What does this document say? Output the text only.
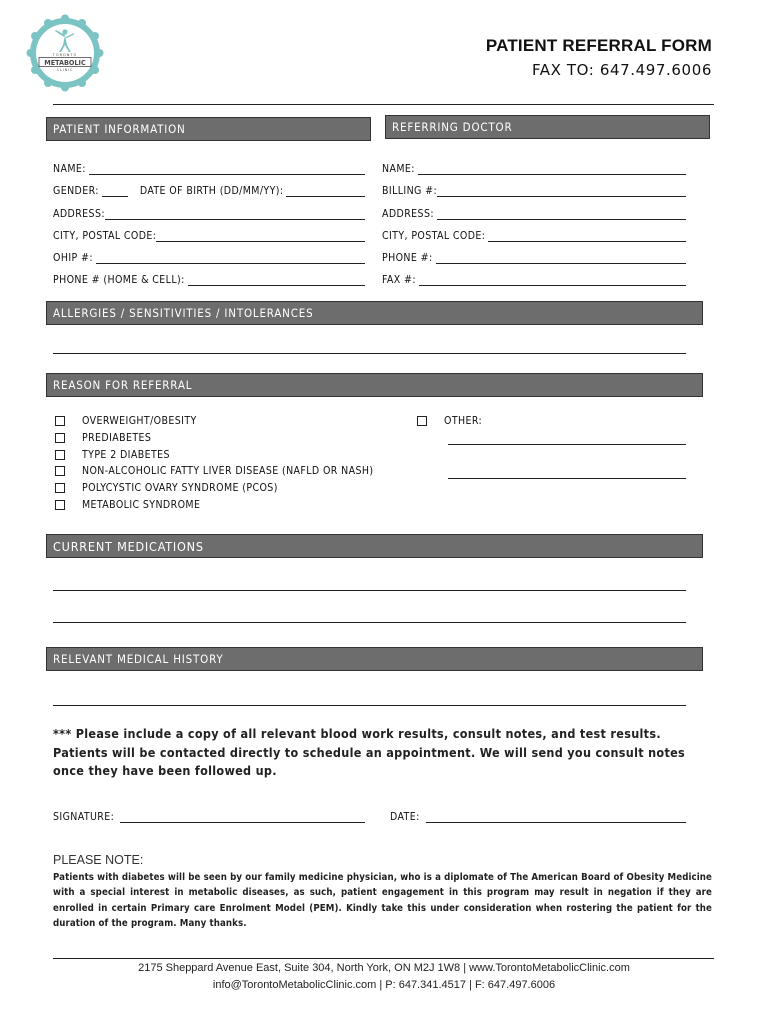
TORONTO
METABOLIC
CLINIC
PATIENT REFERRAL FORM
FAX TO: 647.497.6006
PATIENT INFORMATION	REFERRING DOCTOR
NAME:
GENDER:	DATE OF BIRTH (DD/MM/YY):
ADDRESS:
CITY, POSTAL CODE:
OHIP #:
PHONE # (HOME & CELL):
NAME:
BILLING #:
ADDRESS:
CITY, POSTAL CODE:
PHONE #:
FAX #:
ALLERGIES / SENSITIVITIES / INTOLERANCES
REASON FOR REFERRAL
OVERWEIGHT/OBESITY
PREDIABETES
TYPE 2 DIABETES
NON-ALCOHOLIC FATTY LIVER DISEASE (NAFLD OR NASH)
POLYCYSTIC OVARY SYNDROME (PCOS)
METABOLIC SYNDROME
OTHER:
CURRENT MEDICATIONS
RELEVANT MEDICAL HISTORY
*** Please include a copy of all relevant blood work results, consult notes, and test results. Patients will be contacted directly to schedule an appointment. We will send you consult notes once they have been followed up.
SIGNATURE:	DATE:
PLEASE NOTE:
Patients with diabetes will be seen by our family medicine physician, who is a diplomate of The American Board of Obesity Medicine with a special interest in metabolic diseases, as such, patient engagement in this program may result in negation if they are enrolled in certain Primary care Enrolment Model (PEM). Kindly take this under consideration when rostering the patient for the duration of the program. Many thanks.
2175 Sheppard Avenue East, Suite 304, North York, ON M2J 1W8 | www.TorontoMetabolicClinic.com
info@TorontoMetabolicClinic.com | P: 647.341.4517 | F: 647.497.6006
